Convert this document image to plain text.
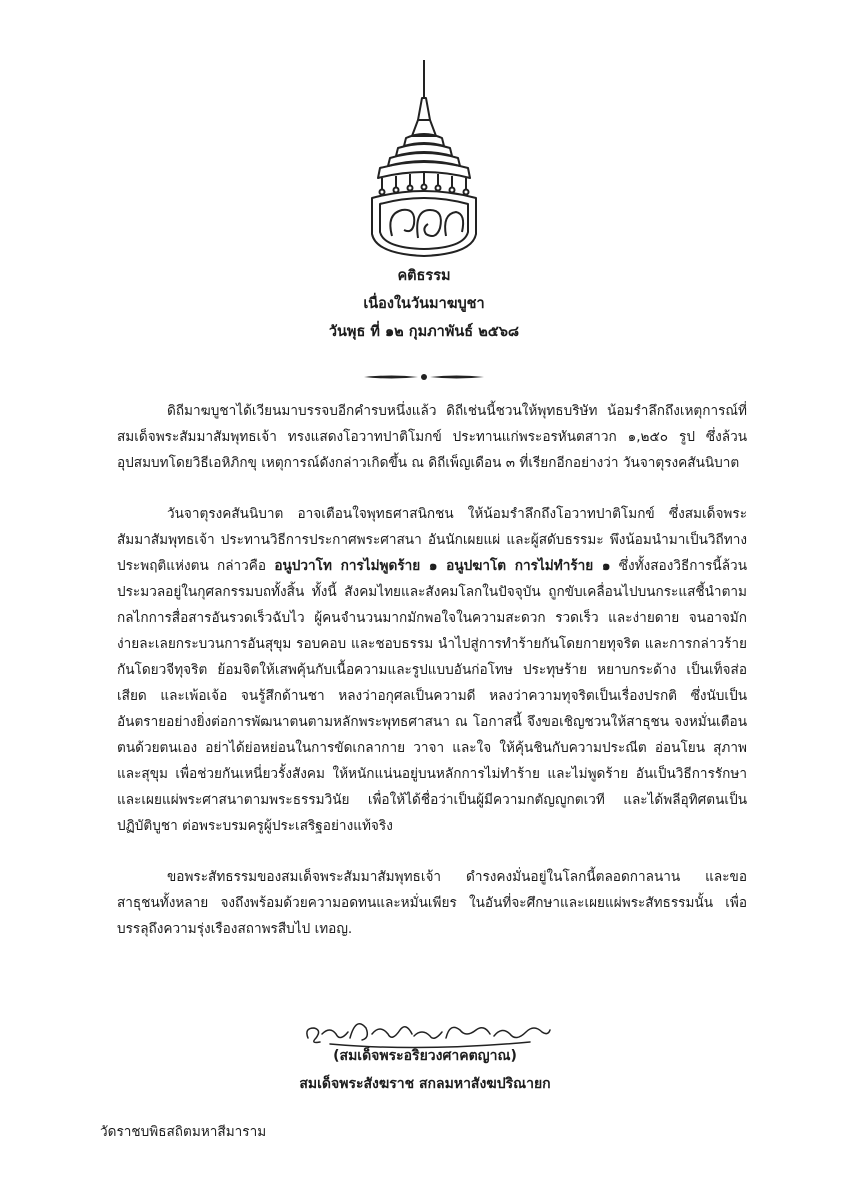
คติธรรม
เนื่องในวันมาฆบูชา
วันพุธ ที่ ๑๒ กุมภาพันธ์ ๒๕๖๘

ดิถีมาฆบูชาได้เวียนมาบรรจบอีกคำรบหนึ่งแล้ว ดิถีเช่นนี้ชวนให้พุทธบริษัท น้อมรำลึกถึงเหตุการณ์ที่สมเด็จพระสัมมาสัมพุทธเจ้า ทรงแสดงโอวาทปาติโมกข์ ประทานแก่พระอรหันตสาวก ๑,๒๕๐ รูป ซึ่งล้วนอุปสมบทโดยวิธีเอหิภิกขุ เหตุการณ์ดังกล่าวเกิดขึ้น ณ ดิถีเพ็ญเดือน ๓ ที่เรียกอีกอย่างว่า วันจาตุรงคสันนิบาต

วันจาตุรงคสันนิบาต อาจเตือนใจพุทธศาสนิกชน ให้น้อมรำลึกถึงโอวาทปาติโมกข์ ซึ่งสมเด็จพระสัมมาสัมพุทธเจ้า ประทานวิธีการประกาศพระศาสนา อันนักเผยแผ่ และผู้สดับธรรมะ พึงน้อมนำมาเป็นวิถีทางประพฤติแห่งตน กล่าวคือ อนูปวาโท การไม่พูดร้าย ๑ อนูปฆาโต การไม่ทำร้าย ๑ ซึ่งทั้งสองวิธีการนี้ล้วนประมวลอยู่ในกุศลกรรมบถทั้งสิ้น ทั้งนี้ สังคมไทยและสังคมโลกในปัจจุบัน ถูกขับเคลื่อนไปบนกระแสชี้นำตามกลไกการสื่อสารอันรวดเร็วฉับไว ผู้คนจำนวนมากมักพอใจในความสะดวก รวดเร็ว และง่ายดาย จนอาจมักง่ายละเลยกระบวนการอันสุขุม รอบคอบ และชอบธรรม นำไปสู่การทำร้ายกันโดยกายทุจริต และการกล่าวร้ายกันโดยวจีทุจริต ย้อมจิตให้เสพคุ้นกับเนื้อความและรูปแบบอันก่อโทษ ประทุษร้าย หยาบกระด้าง เป็นเท็จส่อเสียด และเพ้อเจ้อ จนรู้สึกด้านชา หลงว่าอกุศลเป็นความดี หลงว่าความทุจริตเป็นเรื่องปรกติ ซึ่งนับเป็นอันตรายอย่างยิ่งต่อการพัฒนาตนตามหลักพระพุทธศาสนา ณ โอกาสนี้ จึงขอเชิญชวนให้สาธุชน จงหมั่นเตือนตนด้วยตนเอง อย่าได้ย่อหย่อนในการขัดเกลากาย วาจา และใจ ให้คุ้นชินกับความประณีต อ่อนโยน สุภาพและสุขุม เพื่อช่วยกันเหนี่ยวรั้งสังคม ให้หนักแน่นอยู่บนหลักการไม่ทำร้าย และไม่พูดร้าย อันเป็นวิธีการรักษาและเผยแผ่พระศาสนาตามพระธรรมวินัย เพื่อให้ได้ชื่อว่าเป็นผู้มีความกตัญญูกตเวที และได้พลีอุทิศตนเป็นปฏิบัติบูชา ต่อพระบรมครูผู้ประเสริฐอย่างแท้จริง

ขอพระสัทธรรมของสมเด็จพระสัมมาสัมพุทธเจ้า ดำรงคงมั่นอยู่ในโลกนี้ตลอดกาลนาน และขอสาธุชนทั้งหลาย จงถึงพร้อมด้วยความอดทนและหมั่นเพียร ในอันที่จะศึกษาและเผยแผ่พระสัทธรรมนั้น เพื่อบรรลุถึงความรุ่งเรืองสถาพรสืบไป เทอญ.

(สมเด็จพระอริยวงศาคตญาณ)
สมเด็จพระสังฆราช สกลมหาสังฆปริณายก
วัดราชบพิธสถิตมหาสีมาราม
